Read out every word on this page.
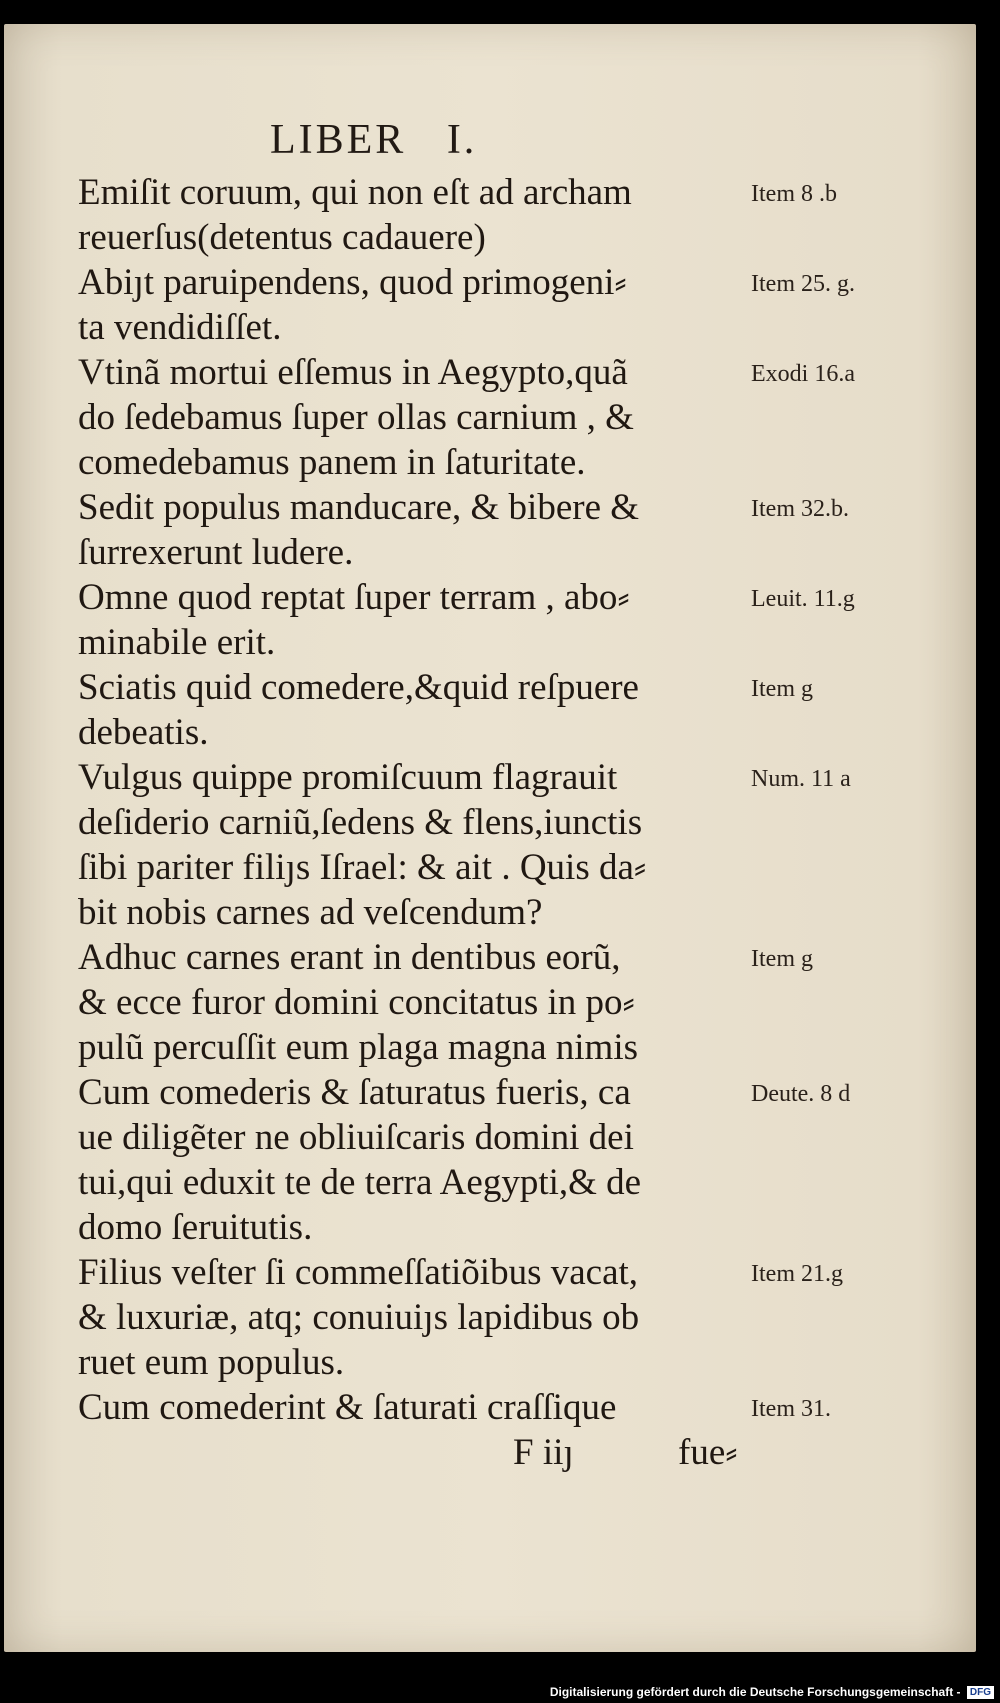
LIBER   I.
Emiſit coruum, qui non eſt ad archam	Item 8 .b
reuerſus(detentus cadauere)
Abiȷt paruipendens, quod primogeni⸗	Item 25. g.
ta vendidiſſet.
Vtinã mortui eſſemus in Aegypto,quã	Exodi 16.a
do ſedebamus ſuper ollas carnium , &
comedebamus panem in ſaturitate.
Sedit populus manducare, & bibere &	Item 32.b.
ſurrexerunt ludere.
Omne quod reptat ſuper terram , abo⸗	Leuit. 11.g
minabile erit.
Sciatis quid comedere,&quid reſpuere	Item g
debeatis.
Vulgus quippe promiſcuum flagrauit	Num. 11 a
deſiderio carniũ,ſedens & flens,iunctis
ſibi pariter filiȷs Iſrael: & ait . Quis da⸗
bit nobis carnes ad veſcendum?
Adhuc carnes erant in dentibus eorũ,	Item g
& ecce furor domini concitatus in po⸗
pulũ percuſſit eum plaga magna nimis
Cum comederis & ſaturatus fueris, ca	Deute. 8 d
ue diligẽter ne obliuiſcaris domini dei
tui,qui eduxit te de terra Aegypti,& de
domo ſeruitutis.
Filius veſter ſi commeſſatiõibus vacat,	Item 21.g
& luxuriæ, atq; conuiuiȷs lapidibus ob
ruet eum populus.
Cum comederint & ſaturati craſſique	Item 31.
F iiȷ	fue⸗
Digitalisierung gefördert durch die Deutsche Forschungsgemeinschaft - DFG
